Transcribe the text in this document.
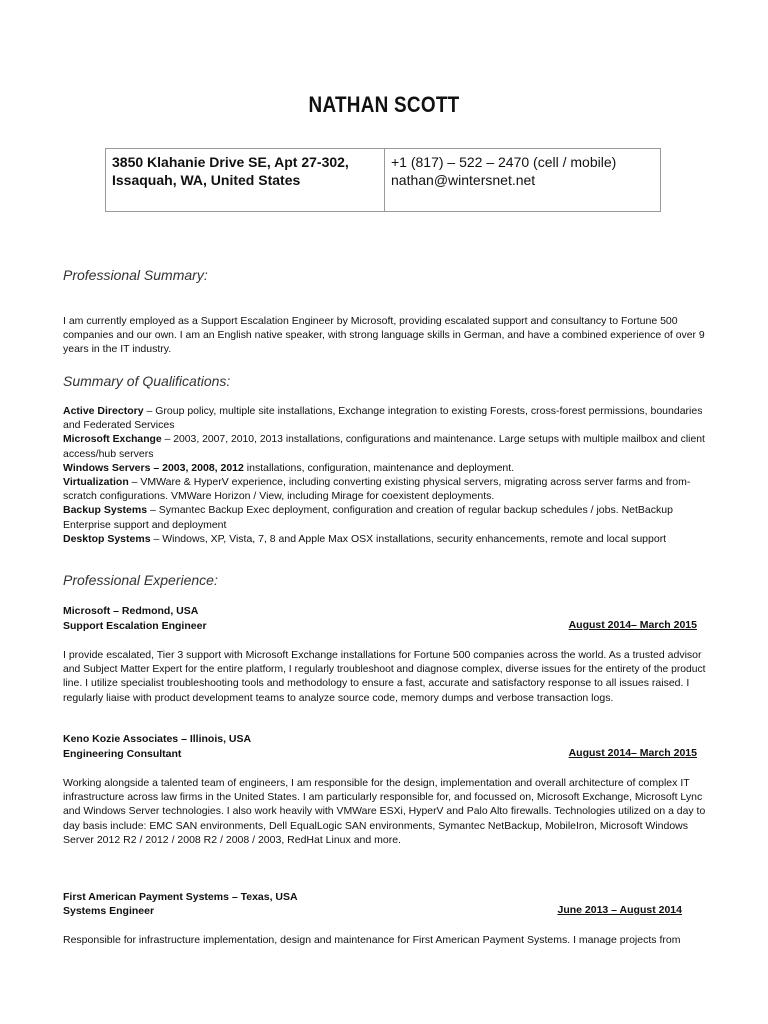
NATHAN SCOTT
3850 Klahanie Drive SE, Apt 27-302,
Issaquah, WA, United States
+1 (817) – 522 – 2470 (cell / mobile)
nathan@wintersnet.net
Professional Summary:
I am currently employed as a Support Escalation Engineer by Microsoft, providing escalated support and consultancy to Fortune 500
companies and our own. I am an English native speaker, with strong language skills in German, and have a combined experience of over 9
years in the IT industry.
Summary of Qualifications:
Active Directory – Group policy, multiple site installations, Exchange integration to existing Forests, cross-forest permissions, boundaries
and Federated Services
Microsoft Exchange – 2003, 2007, 2010, 2013 installations, configurations and maintenance. Large setups with multiple mailbox and client
access/hub servers
Windows Servers – 2003, 2008, 2012 installations, configuration, maintenance and deployment.
Virtualization – VMWare & HyperV experience, including converting existing physical servers, migrating across server farms and from-
scratch configurations. VMWare Horizon / View, including Mirage for coexistent deployments.
Backup Systems – Symantec Backup Exec deployment, configuration and creation of regular backup schedules / jobs. NetBackup
Enterprise support and deployment
Desktop Systems – Windows, XP, Vista, 7, 8 and Apple Max OSX installations, security enhancements, remote and local support
Professional Experience:
Microsoft – Redmond, USA
Support Escalation Engineer	August 2014– March 2015
I provide escalated, Tier 3 support with Microsoft Exchange installations for Fortune 500 companies across the world. As a trusted advisor
and Subject Matter Expert for the entire platform, I regularly troubleshoot and diagnose complex, diverse issues for the entirety of the product
line. I utilize specialist troubleshooting tools and methodology to ensure a fast, accurate and satisfactory response to all issues raised. I
regularly liaise with product development teams to analyze source code, memory dumps and verbose transaction logs.
Keno Kozie Associates – Illinois, USA
Engineering Consultant	August 2014– March 2015
Working alongside a talented team of engineers, I am responsible for the design, implementation and overall architecture of complex IT
infrastructure across law firms in the United States. I am particularly responsible for, and focussed on, Microsoft Exchange, Microsoft Lync
and Windows Server technologies. I also work heavily with VMWare ESXi, HyperV and Palo Alto firewalls. Technologies utilized on a day to
day basis include: EMC SAN environments, Dell EqualLogic SAN environments, Symantec NetBackup, MobileIron, Microsoft Windows
Server 2012 R2 / 2012 / 2008 R2 / 2008 / 2003, RedHat Linux and more.
First American Payment Systems – Texas, USA
Systems Engineer	June 2013 – August 2014
Responsible for infrastructure implementation, design and maintenance for First American Payment Systems. I manage projects from
